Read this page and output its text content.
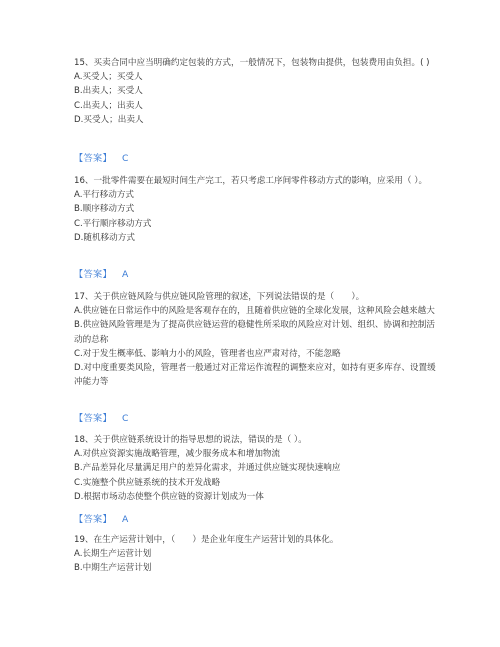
15、买卖合同中应当明确约定包装的方式，一般情况下，包装物由提供，包装费用由负担。( )

A.买受人；买受人

B.出卖人；买受人

C.出卖人；出卖人

D.买受人；出卖人

【答案】 C

16、一批零件需要在最短时间生产完工，若只考虑工序间零件移动方式的影响，应采用（ ）。

A.平行移动方式

B.顺序移动方式

C.平行顺序移动方式

D.随机移动方式

【答案】 A

17、关于供应链风险与供应链风险管理的叙述，下列说法错误的是（　　）。

A.供应链在日常运作中的风险是客观存在的，且随着供应链的全球化发展，这种风险会越来越大

B.供应链风险管理是为了提高供应链运营的稳健性所采取的风险应对计划、组织、协调和控制活动的总称

C.对于发生概率低、影响力小的风险，管理者也应严肃对待，不能忽略

D.对中度重要类风险，管理者一般通过对正常运作流程的调整来应对，如持有更多库存、设置缓冲能力等

【答案】 C

18、关于供应链系统设计的指导思想的说法，错误的是（ ）。

A.对供应资源实施战略管理，减少服务成本和增加物流

B.产品差异化尽量满足用户的差异化需求，并通过供应链实现快速响应

C.实施整个供应链系统的技术开发战略

D.根据市场动态使整个供应链的资源计划成为一体

【答案】 A

19、在生产运营计划中，（　　）是企业年度生产运营计划的具体化。

A.长期生产运营计划

B.中期生产运营计划
